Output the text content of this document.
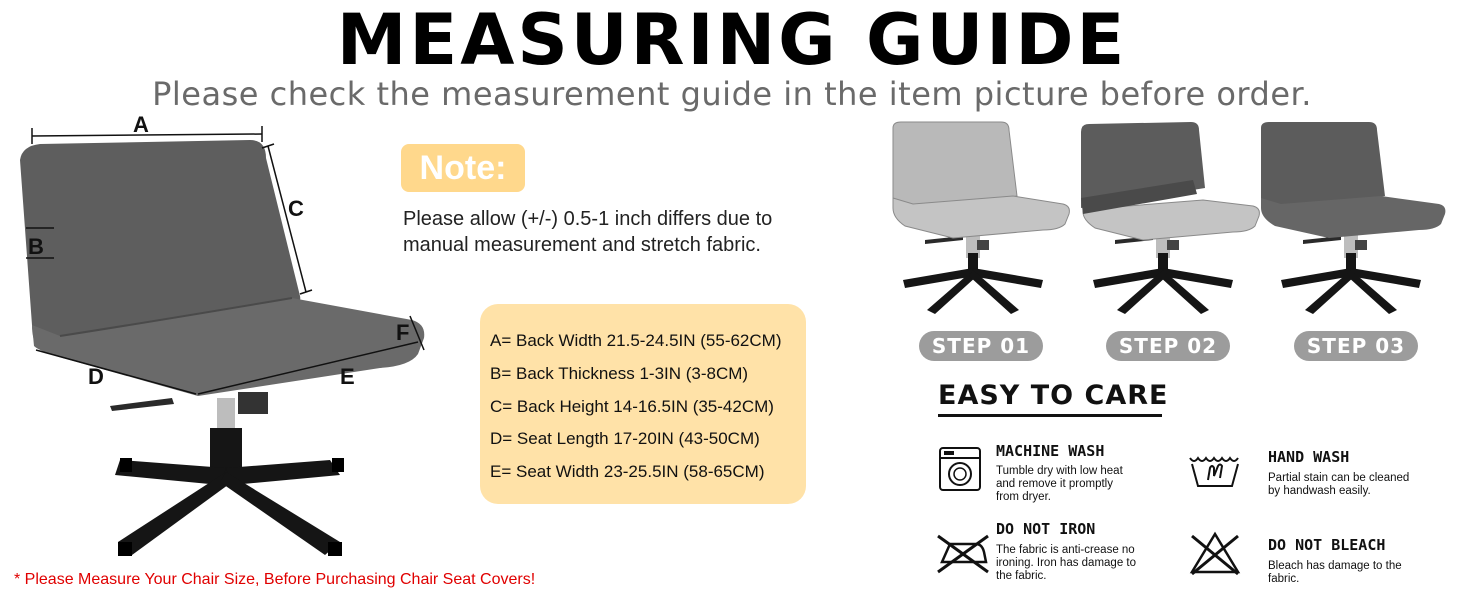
MEASURING GUIDE
Please check the measurement guide in the item picture before order.
A
B
C
D	E
F
Note:
Please allow (+/-) 0.5-1 inch differs due to
manual measurement and stretch fabric.
A= Back Width 21.5-24.5IN (55-62CM)
B= Back Thickness 1-3IN (3-8CM)
C= Back Height 14-16.5IN (35-42CM)
D= Seat Length 17-20IN (43-50CM)
E= Seat Width 23-25.5IN (58-65CM)
* Please Measure Your Chair Size, Before Purchasing Chair Seat Covers!
STEP 01	STEP 02	STEP 03
EASY TO CARE
MACHINE WASH
Tumble dry with low heat
and remove it promptly
from dryer.
HAND WASH
Partial stain can be cleaned
by handwash easily.
DO NOT IRON
The fabric is anti-crease no
ironing. Iron has damage to
the fabric.
DO NOT BLEACH
Bleach has damage to the
fabric.
